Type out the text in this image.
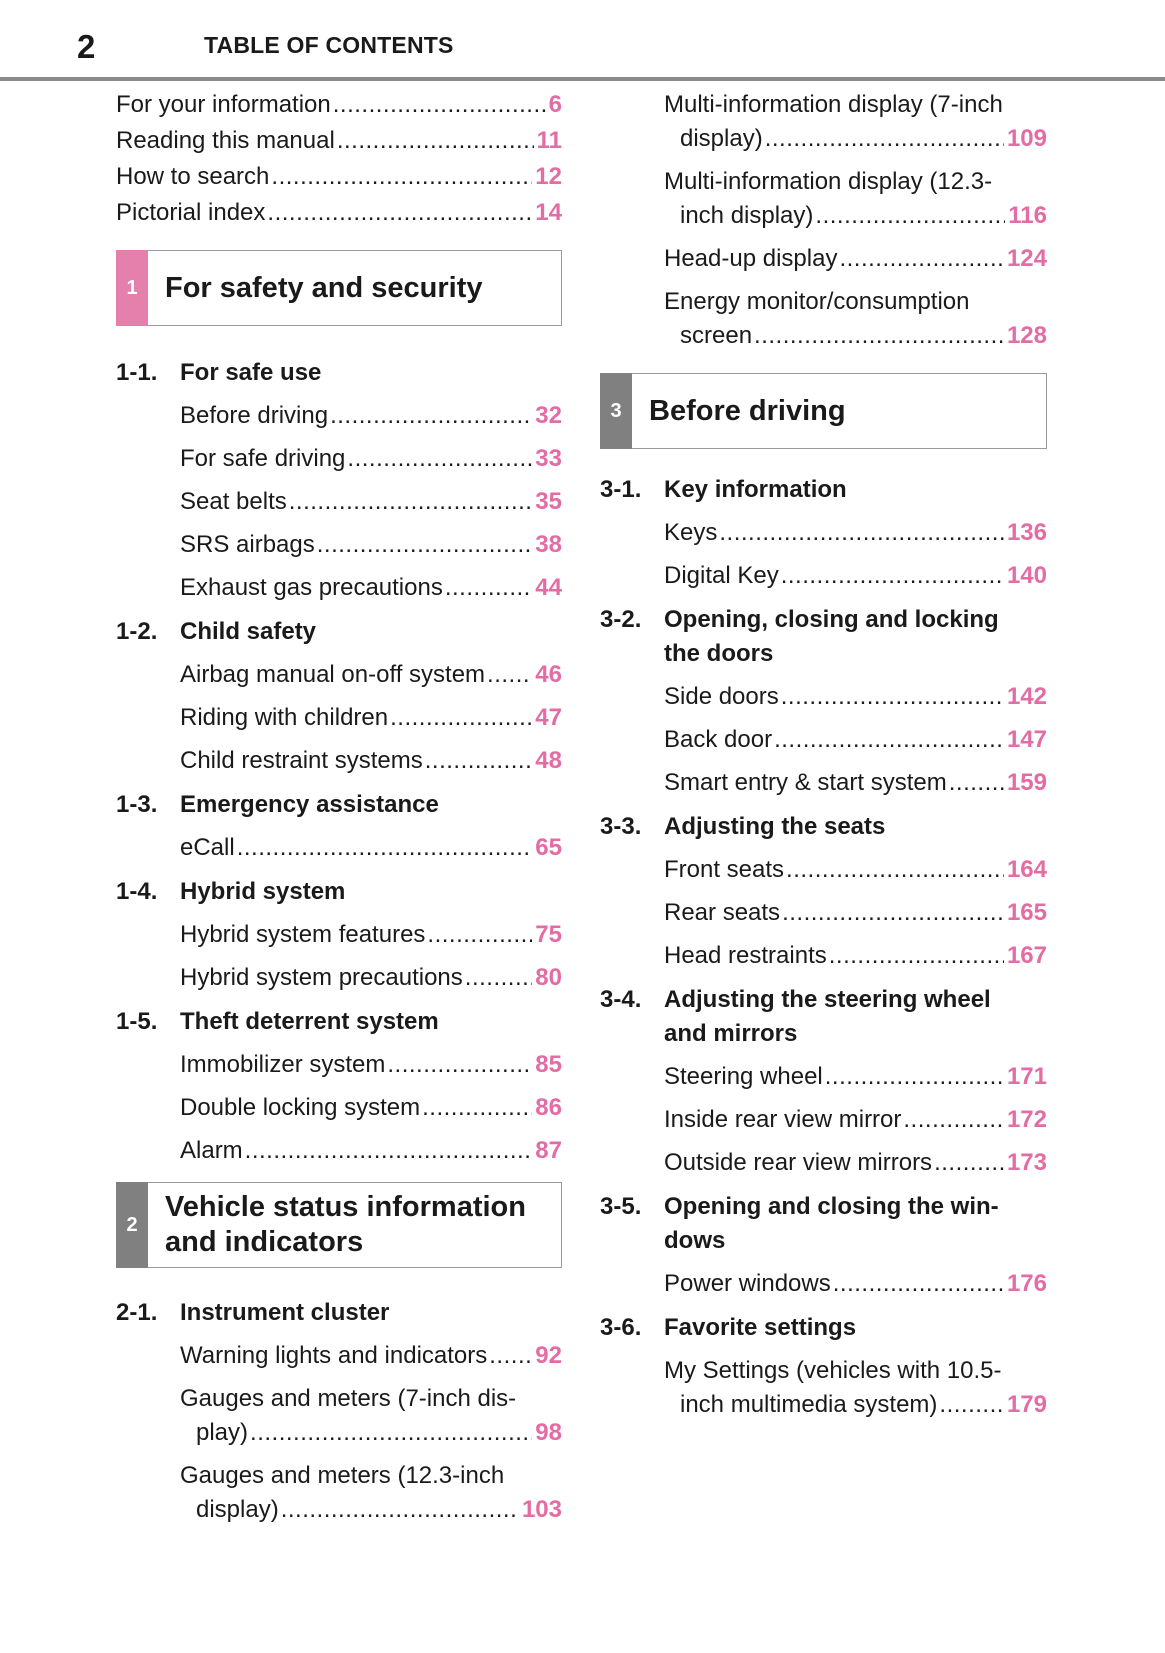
2	TABLE OF CONTENTS
For your information .....	6
Reading this manual .....	11
How to search .....	12
Pictorial index .....	14
1 For safety and security
1-1. For safe use
Before driving .....	32
For safe driving .....	33
Seat belts .....	35
SRS airbags .....	38
Exhaust gas precautions .....	44
1-2. Child safety
Airbag manual on-off system ..... 46
Riding with children .....	47
Child restraint systems .....	48
1-3. Emergency assistance
eCall .....	65
1-4. Hybrid system
Hybrid system features .....	75
Hybrid system precautions .....	80
1-5. Theft deterrent system
Immobilizer system .....	85
Double locking system .....	86
Alarm .....	87
2
Vehicle status information
and indicators
2-1. Instrument cluster
Warning lights and indicators ..... 92
Gauges and meters (7-inch dis-
play) .....	98
Gauges and meters (12.3-inch
display) .....	103
Multi-information display (7-inch
display) .....	109
Multi-information display (12.3-
inch display) .....	116
Head-up display .....	124
Energy monitor/consumption
screen .....	128
3 Before driving
3-1. Key information
Keys .....	136
Digital Key .....	140
3-2. Opening, closing and locking
the doors
Side doors .....	142
Back door .....	147
Smart entry & start system .....	159
3-3. Adjusting the seats
Front seats .....	164
Rear seats .....	165
Head restraints .....	167
3-4. Adjusting the steering wheel
and mirrors
Steering wheel .....	171
Inside rear view mirror .....	172
Outside rear view mirrors .....	173
3-5. Opening and closing the win-
dows
Power windows .....	176
3-6. Favorite settings
My Settings (vehicles with 10.5-
inch multimedia system) .....	179
